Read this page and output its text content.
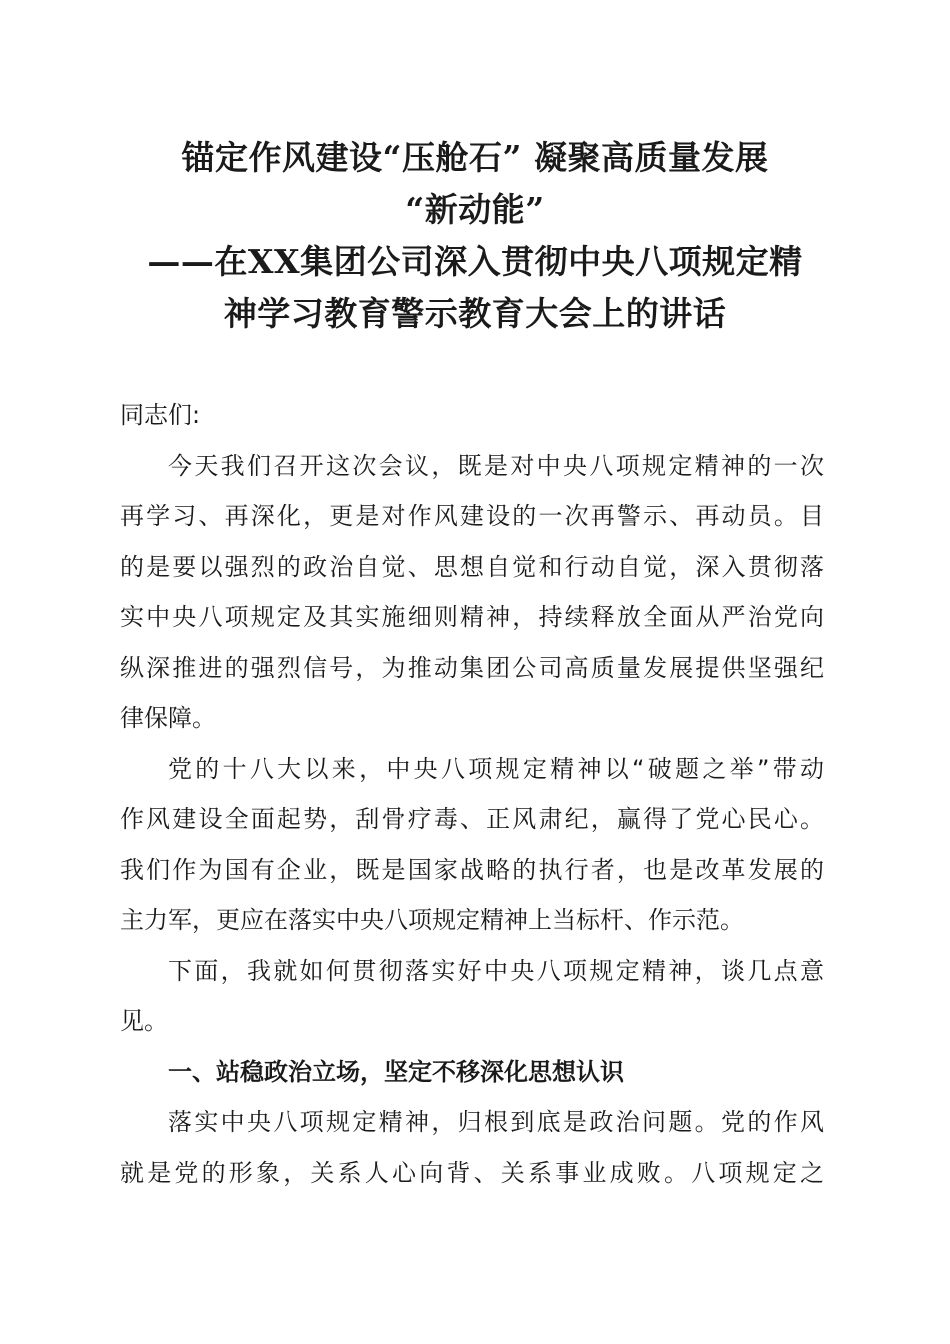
锚定作风建设“压舱石” 凝聚高质量发展
“新动能”
——在XX集团公司深入贯彻中央八项规定精
神学习教育警示教育大会上的讲话
同志们:
今天我们召开这次会议，既是对中央八项规定精神的一次
再学习、再深化，更是对作风建设的一次再警示、再动员。目
的是要以强烈的政治自觉、思想自觉和行动自觉，深入贯彻落
实中央八项规定及其实施细则精神，持续释放全面从严治党向
纵深推进的强烈信号，为推动集团公司高质量发展提供坚强纪
律保障。
党的十八大以来，中央八项规定精神以“破题之举”带动
作风建设全面起势，刮骨疗毒、正风肃纪，赢得了党心民心。
我们作为国有企业，既是国家战略的执行者，也是改革发展的
主力军，更应在落实中央八项规定精神上当标杆、作示范。
下面，我就如何贯彻落实好中央八项规定精神，谈几点意
见。
一、站稳政治立场，坚定不移深化思想认识
落实中央八项规定精神，归根到底是政治问题。党的作风
就是党的形象，关系人心向背、关系事业成败。八项规定之
